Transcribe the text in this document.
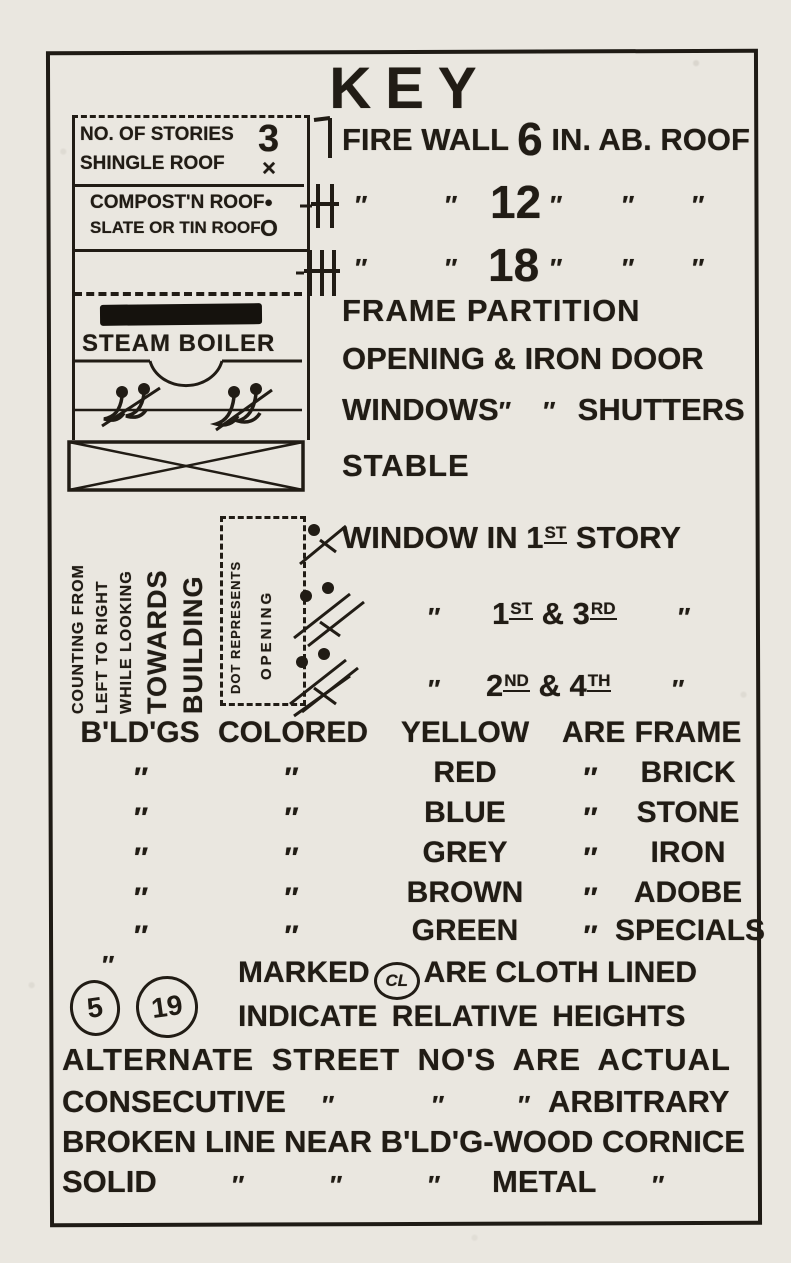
KEY
NO. OF STORIES 3
SHINGLE ROOF ×
COMPOST'N ROOF ●
SLATE OR TIN ROOF O
STEAM BOILER
COUNTING FROM LEFT TO RIGHT WHILE LOOKING TOWARDS BUILDING DOT REPRESENTS OPENING
FIRE WALL 6 IN. AB. ROOF
″	″ 12 ″ ″ ″
″	″ 18 ″ ″ ″
FRAME PARTITION
OPENING & IRON DOOR
WINDOWS″ ″ SHUTTERS
STABLE
WINDOW IN 1ST STORY
″ 1ST & 3RD ″
″ 2ND & 4TH ″
B'LD'GS COLORED	YELLOW	ARE FRAME
″	″	RED	″	BRICK
″	″	BLUE	″	STONE
″	″	GREY	″	IRON
″	″	BROWN	″	ADOBE
″	″	GREEN	″ SPECIALS
″
5	19
MARKED CL ARE CLOTH LINED
INDICATE RELATIVE HEIGHTS
ALTERNATE STREET NO'S ARE ACTUAL
CONSECUTIVE ″	″	″ ARBITRARY
BROKEN LINE NEAR B'LD'G-WOOD CORNICE
SOLID	″	″	″ METAL ″
